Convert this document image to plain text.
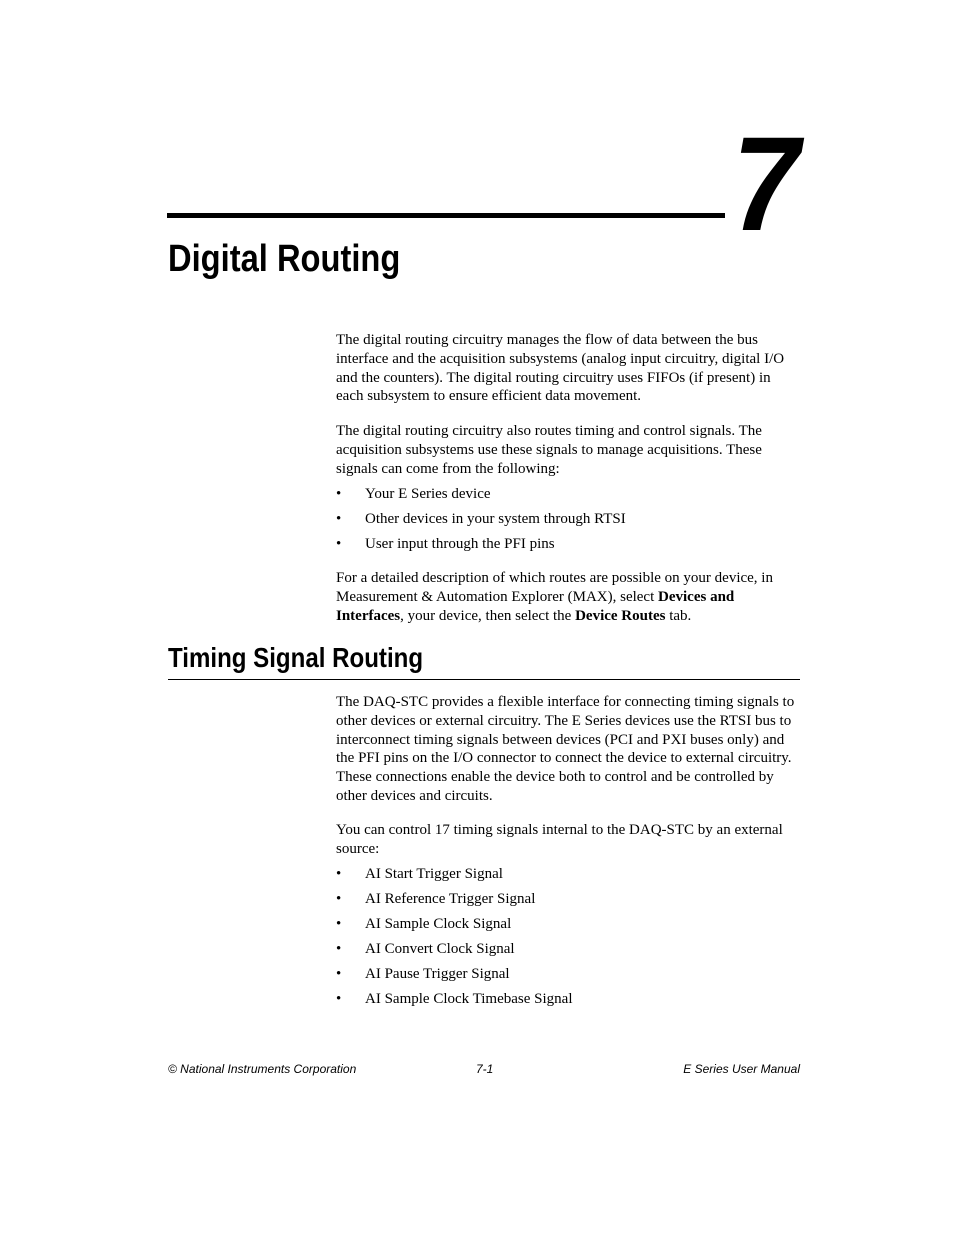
7
Digital Routing

The digital routing circuitry manages the flow of data between the bus interface and the acquisition subsystems (analog input circuitry, digital I/O and the counters). The digital routing circuitry uses FIFOs (if present) in each subsystem to ensure efficient data movement.

The digital routing circuitry also routes timing and control signals. The acquisition subsystems use these signals to manage acquisitions. These signals can come from the following:

• Your E Series device
• Other devices in your system through RTSI
• User input through the PFI pins

For a detailed description of which routes are possible on your device, in Measurement & Automation Explorer (MAX), select Devices and Interfaces, your device, then select the Device Routes tab.

Timing Signal Routing

The DAQ-STC provides a flexible interface for connecting timing signals to other devices or external circuitry. The E Series devices use the RTSI bus to interconnect timing signals between devices (PCI and PXI buses only) and the PFI pins on the I/O connector to connect the device to external circuitry. These connections enable the device both to control and be controlled by other devices and circuits.

You can control 17 timing signals internal to the DAQ-STC by an external source:

• AI Start Trigger Signal
• AI Reference Trigger Signal
• AI Sample Clock Signal
• AI Convert Clock Signal
• AI Pause Trigger Signal
• AI Sample Clock Timebase Signal
© National Instruments Corporation	7-1	E Series User Manual
